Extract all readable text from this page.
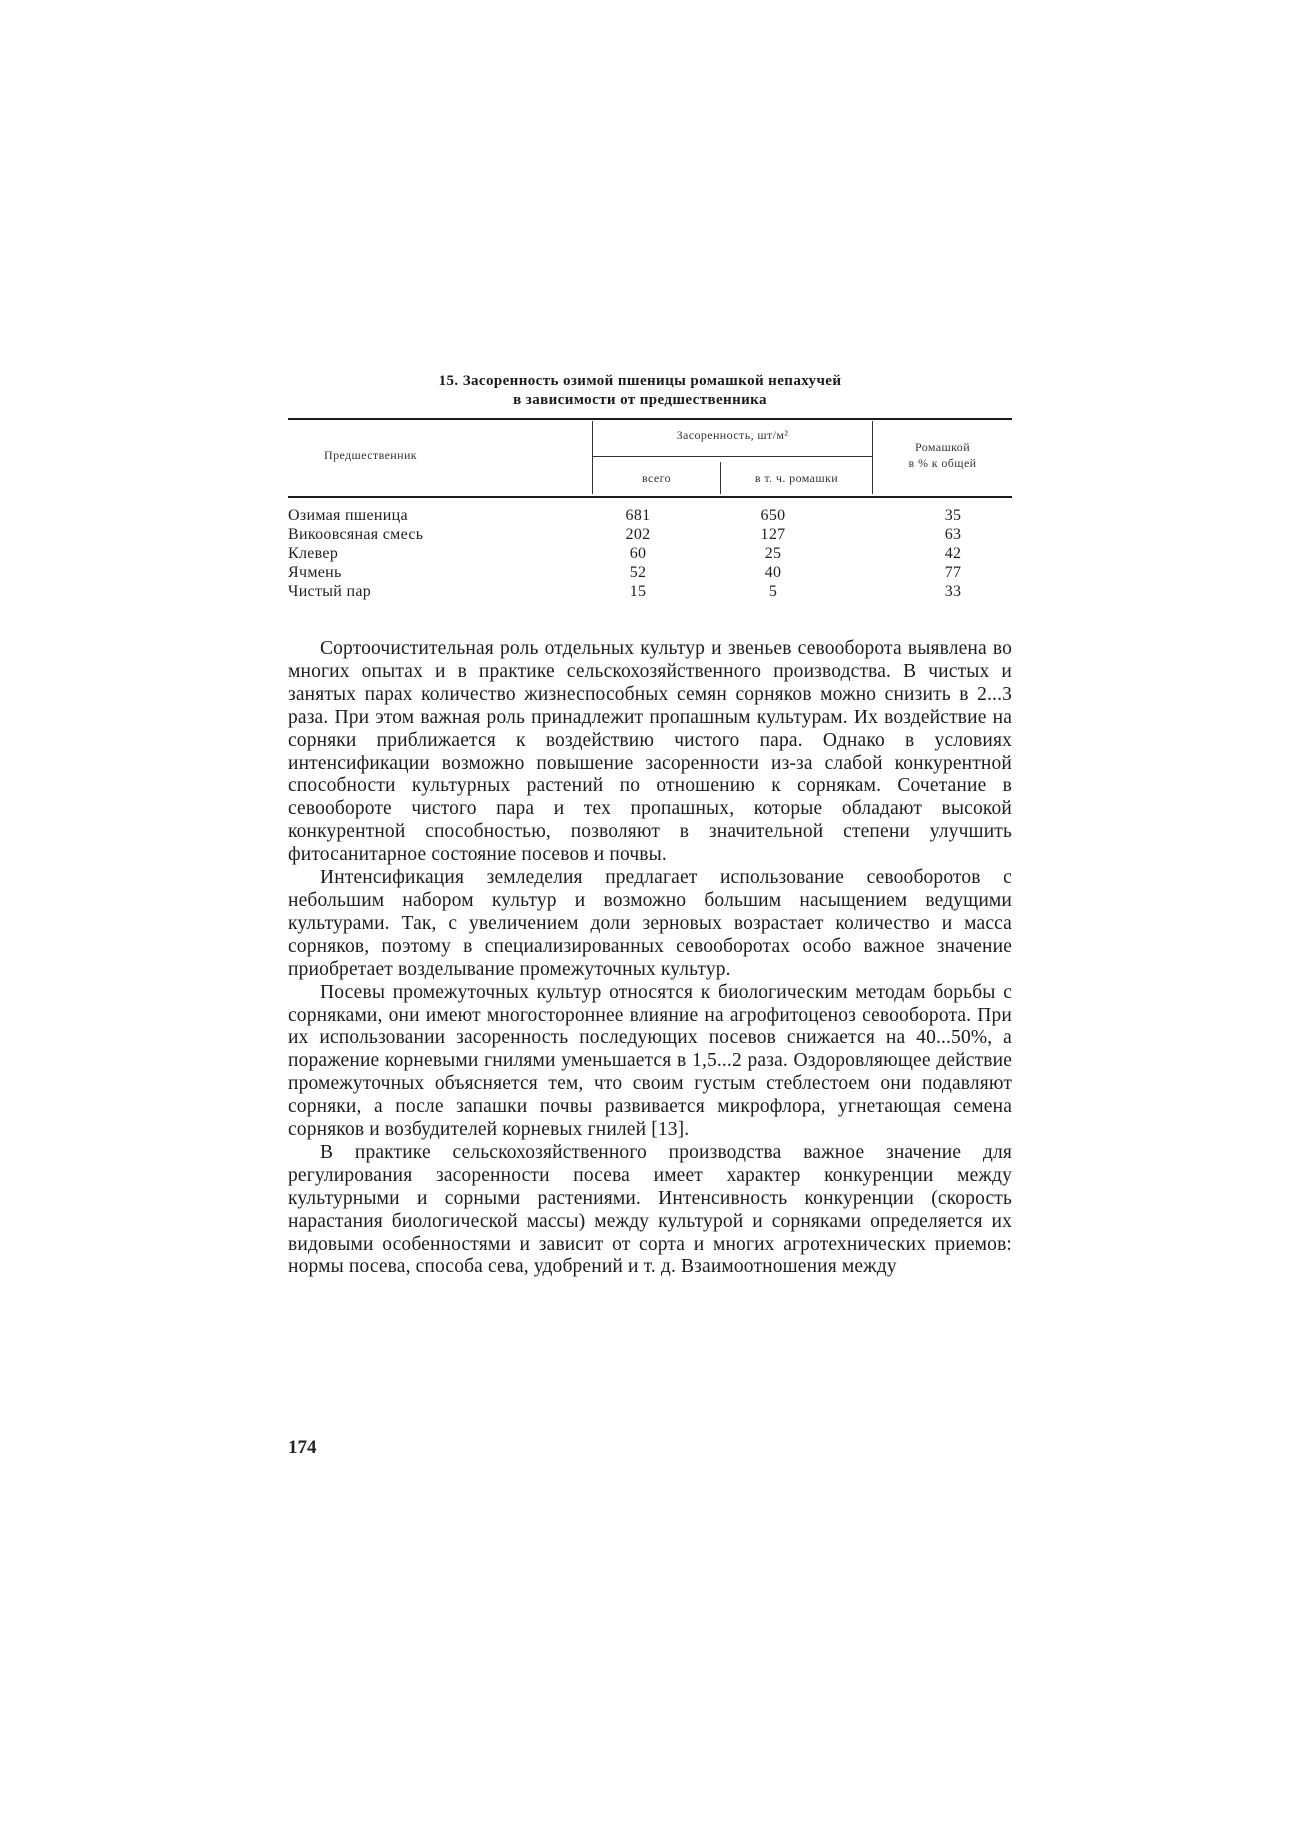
15. Засоренность озимой пшеницы ромашкой непахучей
в зависимости от предшественника
Предшественник
Засоренность, шт/м²
всего	в т. ч. ромашки
Ромашкой
в % к общей
Озимая пшеница	681	650	35
Викоовсяная смесь	202	127	63
Клевер	60	25	42
Ячмень	52	40	77
Чистый пар	15	5	33

Сортоочистительная роль отдельных культур и звеньев севооборота выявлена во многих опытах и в практике сельскохозяйственного производства. В чистых и занятых парах количество жизнеспособных семян сорняков можно снизить в 2...3 раза. При этом важная роль принадлежит пропашным культурам. Их воздействие на сорняки приближается к воздействию чистого пара. Однако в условиях интенсификации возможно повышение засоренности из-за слабой конкурентной способности культурных растений по отношению к сорнякам. Сочетание в севообороте чистого пара и тех пропашных, которые обладают высокой конкурентной способностью, позволяют в значительной степени улучшить фитосанитарное состояние посевов и почвы.

Интенсификация земледелия предлагает использование севооборотов с небольшим набором культур и возможно большим насыщением ведущими культурами. Так, с увеличением доли зерновых возрастает количество и масса сорняков, поэтому в специализированных севооборотах особо важное значение приобретает возделывание промежуточных культур.

Посевы промежуточных культур относятся к биологическим методам борьбы с сорняками, они имеют многостороннее влияние на агрофитоценоз севооборота. При их использовании засоренность последующих посевов снижается на 40...50%, а поражение корневыми гнилями уменьшается в 1,5...2 раза. Оздоровляющее действие промежуточных объясняется тем, что своим густым стеблестоем они подавляют сорняки, а после запашки почвы развивается микрофлора, угнетающая семена сорняков и возбудителей корневых гнилей [13].

В практике сельскохозяйственного производства важное значение для регулирования засоренности посева имеет характер конкуренции между культурными и сорными растениями. Интенсивность конкуренции (скорость нарастания биологической массы) между культурой и сорняками определяется их видовыми особенностями и зависит от сорта и многих агротехнических приемов: нормы посева, способа сева, удобрений и т. д. Взаимоотношения между

174
